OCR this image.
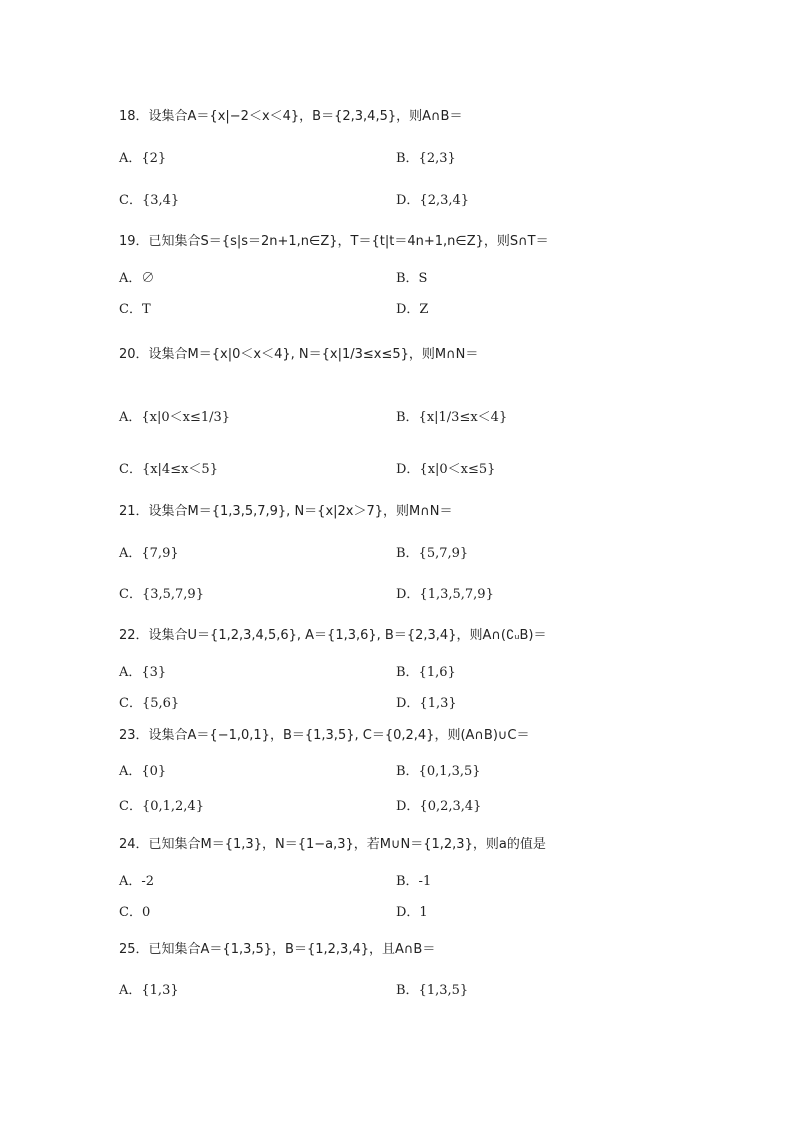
18．设集合A＝{x|−2＜x＜4}，B＝{2,3,4,5}，则A∩B＝
A．{2}	B．{2,3}
C．{3,4}	D．{2,3,4}
19．已知集合S＝{s|s＝2n+1,n∈Z}，T＝{t|t＝4n+1,n∈Z}，则S∩T＝
A．∅	B．S
C．T	D．Z
20．设集合M＝{x|0＜x＜4}, N＝{x|1/3≤x≤5}，则M∩N＝
A．{x|0＜x≤1/3}	B．{x|1/3≤x＜4}
C．{x|4≤x＜5}	D．{x|0＜x≤5}
21．设集合M＝{1,3,5,7,9}, N＝{x|2x＞7}，则M∩N＝
A．{7,9}	B．{5,7,9}
C．{3,5,7,9}	D．{1,3,5,7,9}
22．设集合U＝{1,2,3,4,5,6}, A＝{1,3,6}, B＝{2,3,4}，则A∩(∁ᵤB)＝
A．{3}	B．{1,6}
C．{5,6}	D．{1,3}
23．设集合A＝{−1,0,1}，B＝{1,3,5}, C＝{0,2,4}，则(A∩B)∪C＝
A．{0}	B．{0,1,3,5}
C．{0,1,2,4}	D．{0,2,3,4}
24．已知集合M＝{1,3}，N＝{1−a,3}，若M∪N＝{1,2,3}，则a的值是
A．-2	B．-1
C．0	D．1
25．已知集合A＝{1,3,5}，B＝{1,2,3,4}，且A∩B＝
A．{1,3}	B．{1,3,5}
